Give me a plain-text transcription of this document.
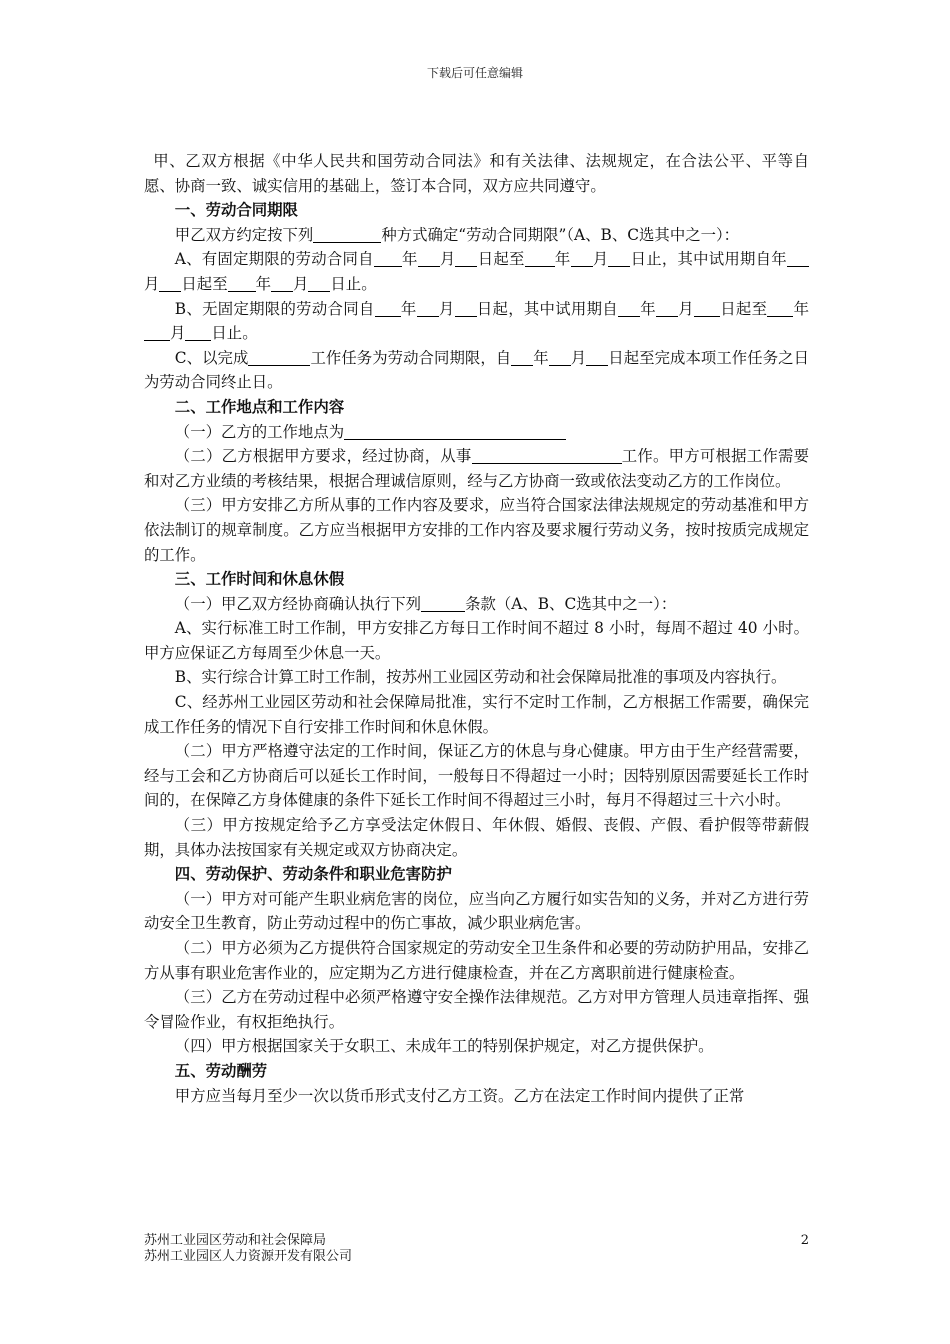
下载后可任意编辑

甲、乙双方根据《中华人民共和国劳动合同法》和有关法律、法规规定，在合法公平、平等自愿、协商一致、诚实信用的基础上，签订本合同，双方应共同遵守。

一、劳动合同期限

甲乙双方约定按下列	种方式确定“劳动合同期限”（A、B、C选其中之一）：

A、有固定期限的劳动合同自 年 月 日起至 年 月 日止，其中试用期自年月 日起至 年 月 日止。

B、无固定期限的劳动合同自 年 月 日起，其中试用期自 年 月 日起至 年月 日止。

C、以完成	工作任务为劳动合同期限，自 年 月 日起至完成本项工作任务之日为劳动合同终止日。

二、工作地点和工作内容

（一）乙方的工作地点为

（二）乙方根据甲方要求，经过协商，从事	工作。甲方可根据工作需要和对乙方业绩的考核结果，根据合理诚信原则，经与乙方协商一致或依法变动乙方的工作岗位。

（三）甲方安排乙方所从事的工作内容及要求，应当符合国家法律法规规定的劳动基准和甲方依法制订的规章制度。乙方应当根据甲方安排的工作内容及要求履行劳动义务，按时按质完成规定的工作。

三、工作时间和休息休假

（一）甲乙双方经协商确认执行下列	条款（A、B、C选其中之一）：

A、实行标准工时工作制，甲方安排乙方每日工作时间不超过 8 小时，每周不超过 40 小时。甲方应保证乙方每周至少休息一天。

B、实行综合计算工时工作制，按苏州工业园区劳动和社会保障局批准的事项及内容执行。

C、经苏州工业园区劳动和社会保障局批准，实行不定时工作制，乙方根据工作需要，确保完成工作任务的情况下自行安排工作时间和休息休假。

（二）甲方严格遵守法定的工作时间，保证乙方的休息与身心健康。甲方由于生产经营需要，经与工会和乙方协商后可以延长工作时间，一般每日不得超过一小时；因特别原因需要延长工作时间的，在保障乙方身体健康的条件下延长工作时间不得超过三小时，每月不得超过三十六小时。

（三）甲方按规定给予乙方享受法定休假日、年休假、婚假、丧假、产假、看护假等带薪假期，具体办法按国家有关规定或双方协商决定。

四、劳动保护、劳动条件和职业危害防护

（一）甲方对可能产生职业病危害的岗位，应当向乙方履行如实告知的义务，并对乙方进行劳动安全卫生教育，防止劳动过程中的伤亡事故，减少职业病危害。

（二）甲方必须为乙方提供符合国家规定的劳动安全卫生条件和必要的劳动防护用品，安排乙方从事有职业危害作业的，应定期为乙方进行健康检查，并在乙方离职前进行健康检查。

（三）乙方在劳动过程中必须严格遵守安全操作法律规范。乙方对甲方管理人员违章指挥、强令冒险作业，有权拒绝执行。

（四）甲方根据国家关于女职工、未成年工的特别保护规定，对乙方提供保护。

五、劳动酬劳

甲方应当每月至少一次以货币形式支付乙方工资。乙方在法定工作时间内提供了正常

苏州工业园区劳动和社会保障局
苏州工业园区人力资源开发有限公司
2
